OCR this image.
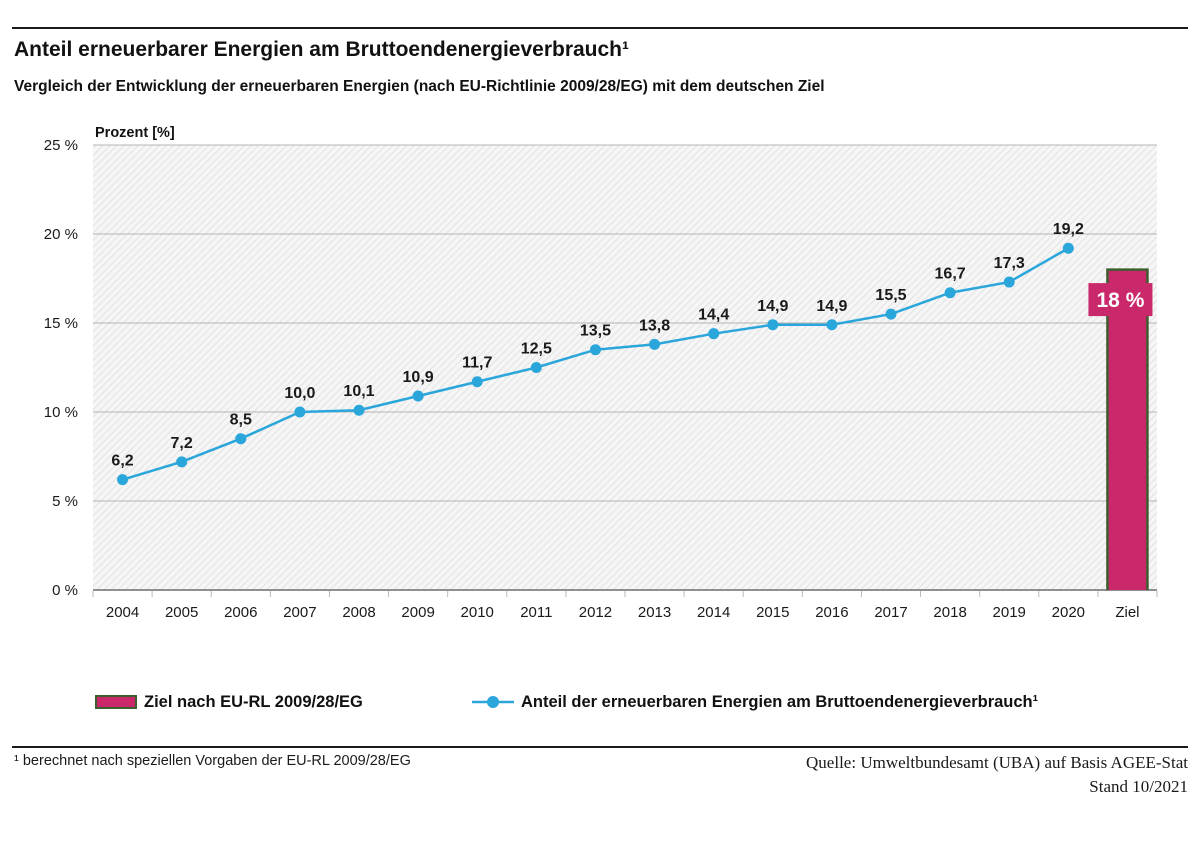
Anteil erneuerbarer Energien am Bruttoendenergieverbrauch¹
Vergleich der Entwicklung der erneuerbaren Energien (nach EU-Richtlinie 2009/28/EG) mit dem deutschen Ziel
Prozent [%]
0 %
5 %
10 %
15 %
20 %
25 %
2004 2005 2006 2007 2008 2009 2010 2011 2012 2013 2014 2015 2016 2017 2018 2019 2020 Ziel
6,2
7,2
8,5
10,0 10,1
10,9
11,7
12,5
13,5 13,8
14,4
14,9 14,9
15,5
16,7
17,3
19,2
18 %
Ziel nach EU-RL 2009/28/EG	Anteil der erneuerbaren Energien am Bruttoendenergieverbrauch¹
¹ berechnet nach speziellen Vorgaben der EU-RL 2009/28/EG	Quelle: Umweltbundesamt (UBA) auf Basis AGEE-Stat
Stand 10/2021
